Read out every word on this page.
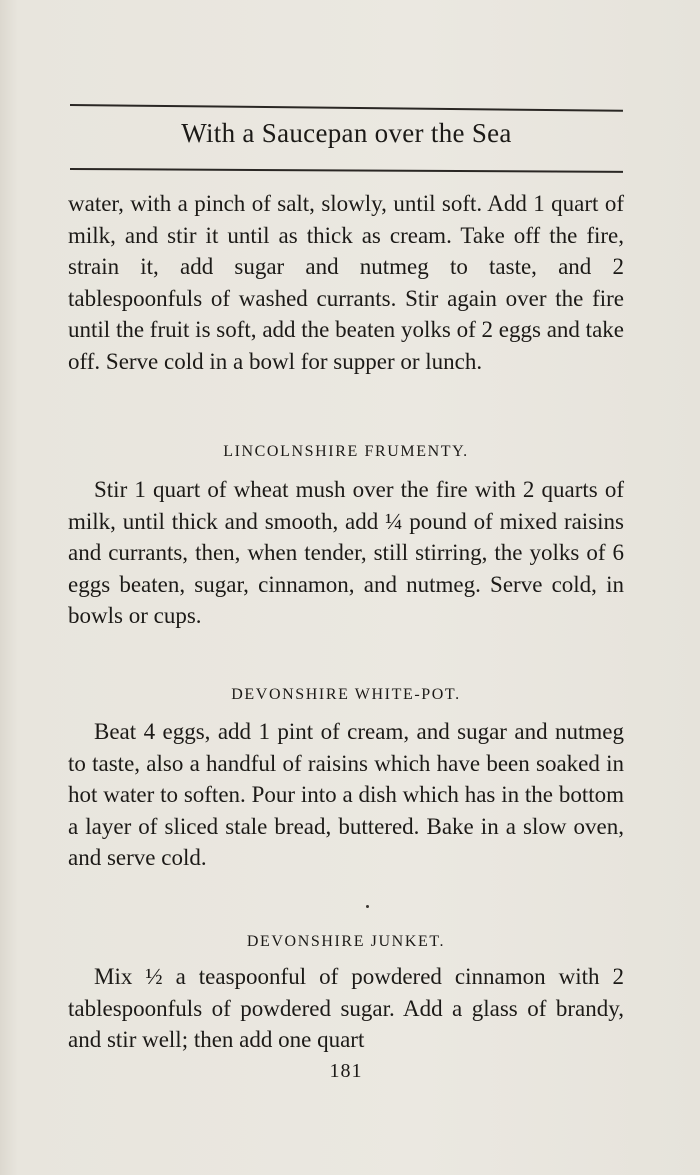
With a Saucepan over the Sea

water, with a pinch of salt, slowly, until soft. Add 1 quart of milk, and stir it until as thick as cream. Take off the fire, strain it, add sugar and nutmeg to taste, and 2 tablespoonfuls of washed currants. Stir again over the fire until the fruit is soft, add the beaten yolks of 2 eggs and take off. Serve cold in a bowl for supper or lunch.

LINCOLNSHIRE FRUMENTY.

Stir 1 quart of wheat mush over the fire with 2 quarts of milk, until thick and smooth, add ¼ pound of mixed raisins and currants, then, when tender, still stirring, the yolks of 6 eggs beaten, sugar, cinnamon, and nutmeg. Serve cold, in bowls or cups.

DEVONSHIRE WHITE-POT.

Beat 4 eggs, add 1 pint of cream, and sugar and nutmeg to taste, also a handful of raisins which have been soaked in hot water to soften. Pour into a dish which has in the bottom a layer of sliced stale bread, buttered. Bake in a slow oven, and serve cold.

DEVONSHIRE JUNKET.

Mix ½ a teaspoonful of powdered cinnamon with 2 tablespoonfuls of powdered sugar. Add a glass of brandy, and stir well; then add one quart

181
